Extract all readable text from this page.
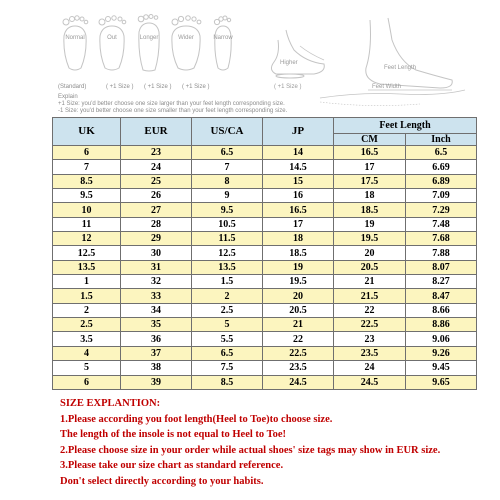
Normal	Out	Longer	Wider	Narrow
(Standard)	( +1 Size ) ( +1 Size ) ( +1 Size )
Explain
+1 Size: you'd better choose one size larger than your feet length corresponding size.
-1 Size: you'd better choose one size smaller than your feet length corresponding size.
Higher
( +1 Size )
Feet Length
Feet Width
UK	EUR	US/CA	JP	Feet Length	
				CM	Inch
6	23	6.5	14	16.5	6.5
7	24	7	14.5	17	6.69
8.5	25	8	15	17.5	6.89
9.5	26	9	16	18	7.09
10	27	9.5	16.5	18.5	7.29
11	28	10.5	17	19	7.48
12	29	11.5	18	19.5	7.68
12.5	30	12.5	18.5	20	7.88
13.5	31	13.5	19	20.5	8.07
1	32	1.5	19.5	21	8.27
1.5	33	2	20	21.5	8.47
2	34	2.5	20.5	22	8.66
2.5	35	5	21	22.5	8.86
3.5	36	5.5	22	23	9.06
4	37	6.5	22.5	23.5	9.26
5	38	7.5	23.5	24	9.45
6	39	8.5	24.5	24.5	9.65
SIZE EXPLANTION:
1.Please according you foot length(Heel to Toe)to choose size.
The length of the insole is not equal to Heel to Toe!
2.Please choose size in your order while actual shoes' size tags may show in EUR size.
3.Please take our size chart as standard reference.
Don't select directly according to your habits.
